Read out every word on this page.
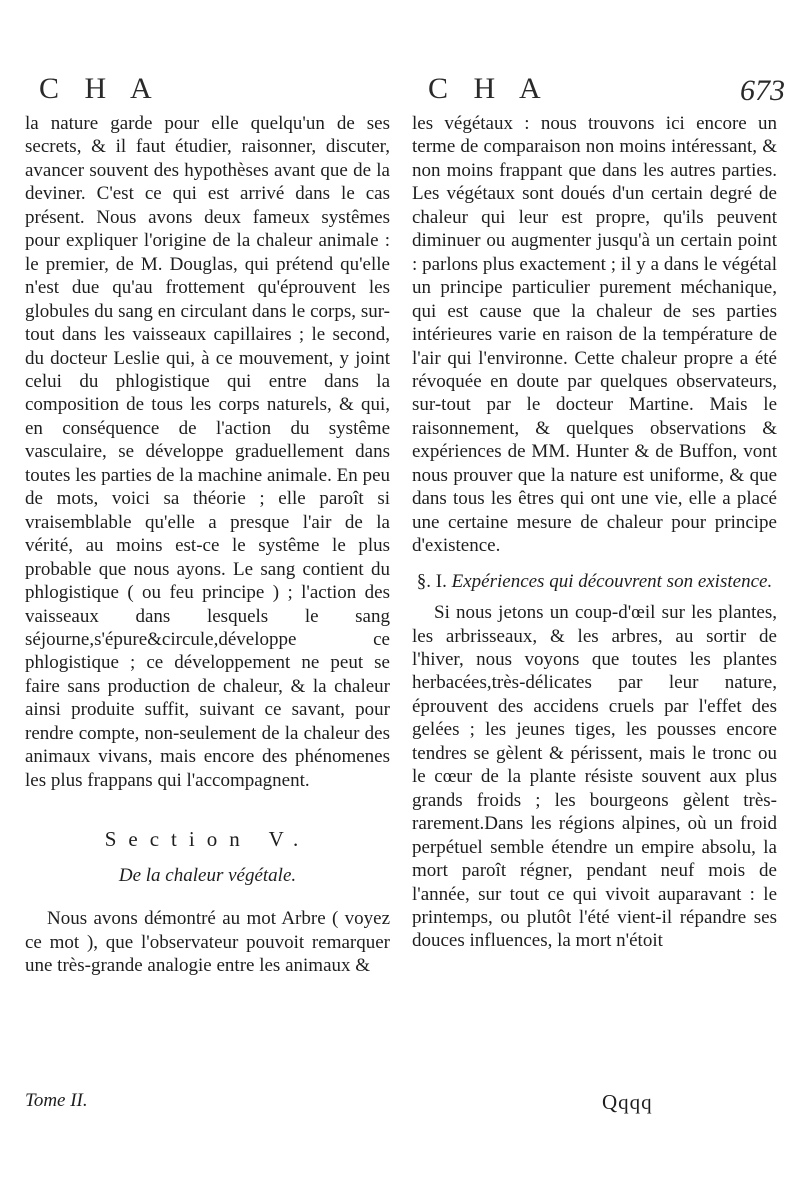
C H A

la nature garde pour elle quelqu'un de ses secrets, & il faut étudier, raisonner, discuter, avancer souvent des hypothèses avant que de la deviner. C'est ce qui est arrivé dans le cas présent. Nous avons deux fameux systêmes pour expliquer l'origine de la chaleur animale : le premier, de M. Douglas, qui prétend qu'elle n'est due qu'au frottement qu'éprouvent les globules du sang en circulant dans le corps, sur-tout dans les vaisseaux capillaires ; le second, du docteur Leslie qui, à ce mouvement, y joint celui du phlogistique qui entre dans la composition de tous les corps naturels, & qui, en conséquence de l'action du systême vasculaire, se développe graduellement dans toutes les parties de la machine animale. En peu de mots, voici sa théorie ; elle paroît si vraisemblable qu'elle a presque l'air de la vérité, au moins est-ce le systême le plus probable que nous ayons. Le sang contient du phlogistique ( ou feu principe ) ; l'action des vaisseaux dans lesquels le sang séjourne,s'épure&circule,développe ce phlogistique ; ce développement ne peut se faire sans production de chaleur, & la chaleur ainsi produite suffit, suivant ce savant, pour rendre compte, non-seulement de la chaleur des animaux vivans, mais encore des phénomenes les plus frappans qui l'accompagnent.

Section V.
De la chaleur végétale.

Nous avons démontré au mot Arbre ( voyez ce mot ), que l'observateur pouvoit remarquer une très-grande analogie entre les animaux &

Tome II.
C H A	673

les végétaux : nous trouvons ici encore un terme de comparaison non moins intéressant, & non moins frappant que dans les autres parties. Les végétaux sont doués d'un certain degré de chaleur qui leur est propre, qu'ils peuvent diminuer ou augmenter jusqu'à un certain point : parlons plus exactement ; il y a dans le végétal un principe particulier purement méchanique, qui est cause que la chaleur de ses parties intérieures varie en raison de la température de l'air qui l'environne. Cette chaleur propre a été révoquée en doute par quelques observateurs, sur-tout par le docteur Martine. Mais le raisonnement, & quelques observations & expériences de MM. Hunter & de Buffon, vont nous prouver que la nature est uniforme, & que dans tous les êtres qui ont une vie, elle a placé une certaine mesure de chaleur pour principe d'existence.

§. I. Expériences qui découvrent son existence.

Si nous jetons un coup-d'œil sur les plantes, les arbrisseaux, & les arbres, au sortir de l'hiver, nous voyons que toutes les plantes herbacées,très-délicates par leur nature, éprouvent des accidens cruels par l'effet des gelées ; les jeunes tiges, les pousses encore tendres se gèlent & périssent, mais le tronc ou le cœur de la plante résiste souvent aux plus grands froids ; les bourgeons gèlent très-rarement.Dans les régions alpines, où un froid perpétuel semble étendre un empire absolu, la mort paroît régner, pendant neuf mois de l'année, sur tout ce qui vivoit auparavant : le printemps, ou plutôt l'été vient-il répandre ses douces influences, la mort n'étoit

Qqqq
